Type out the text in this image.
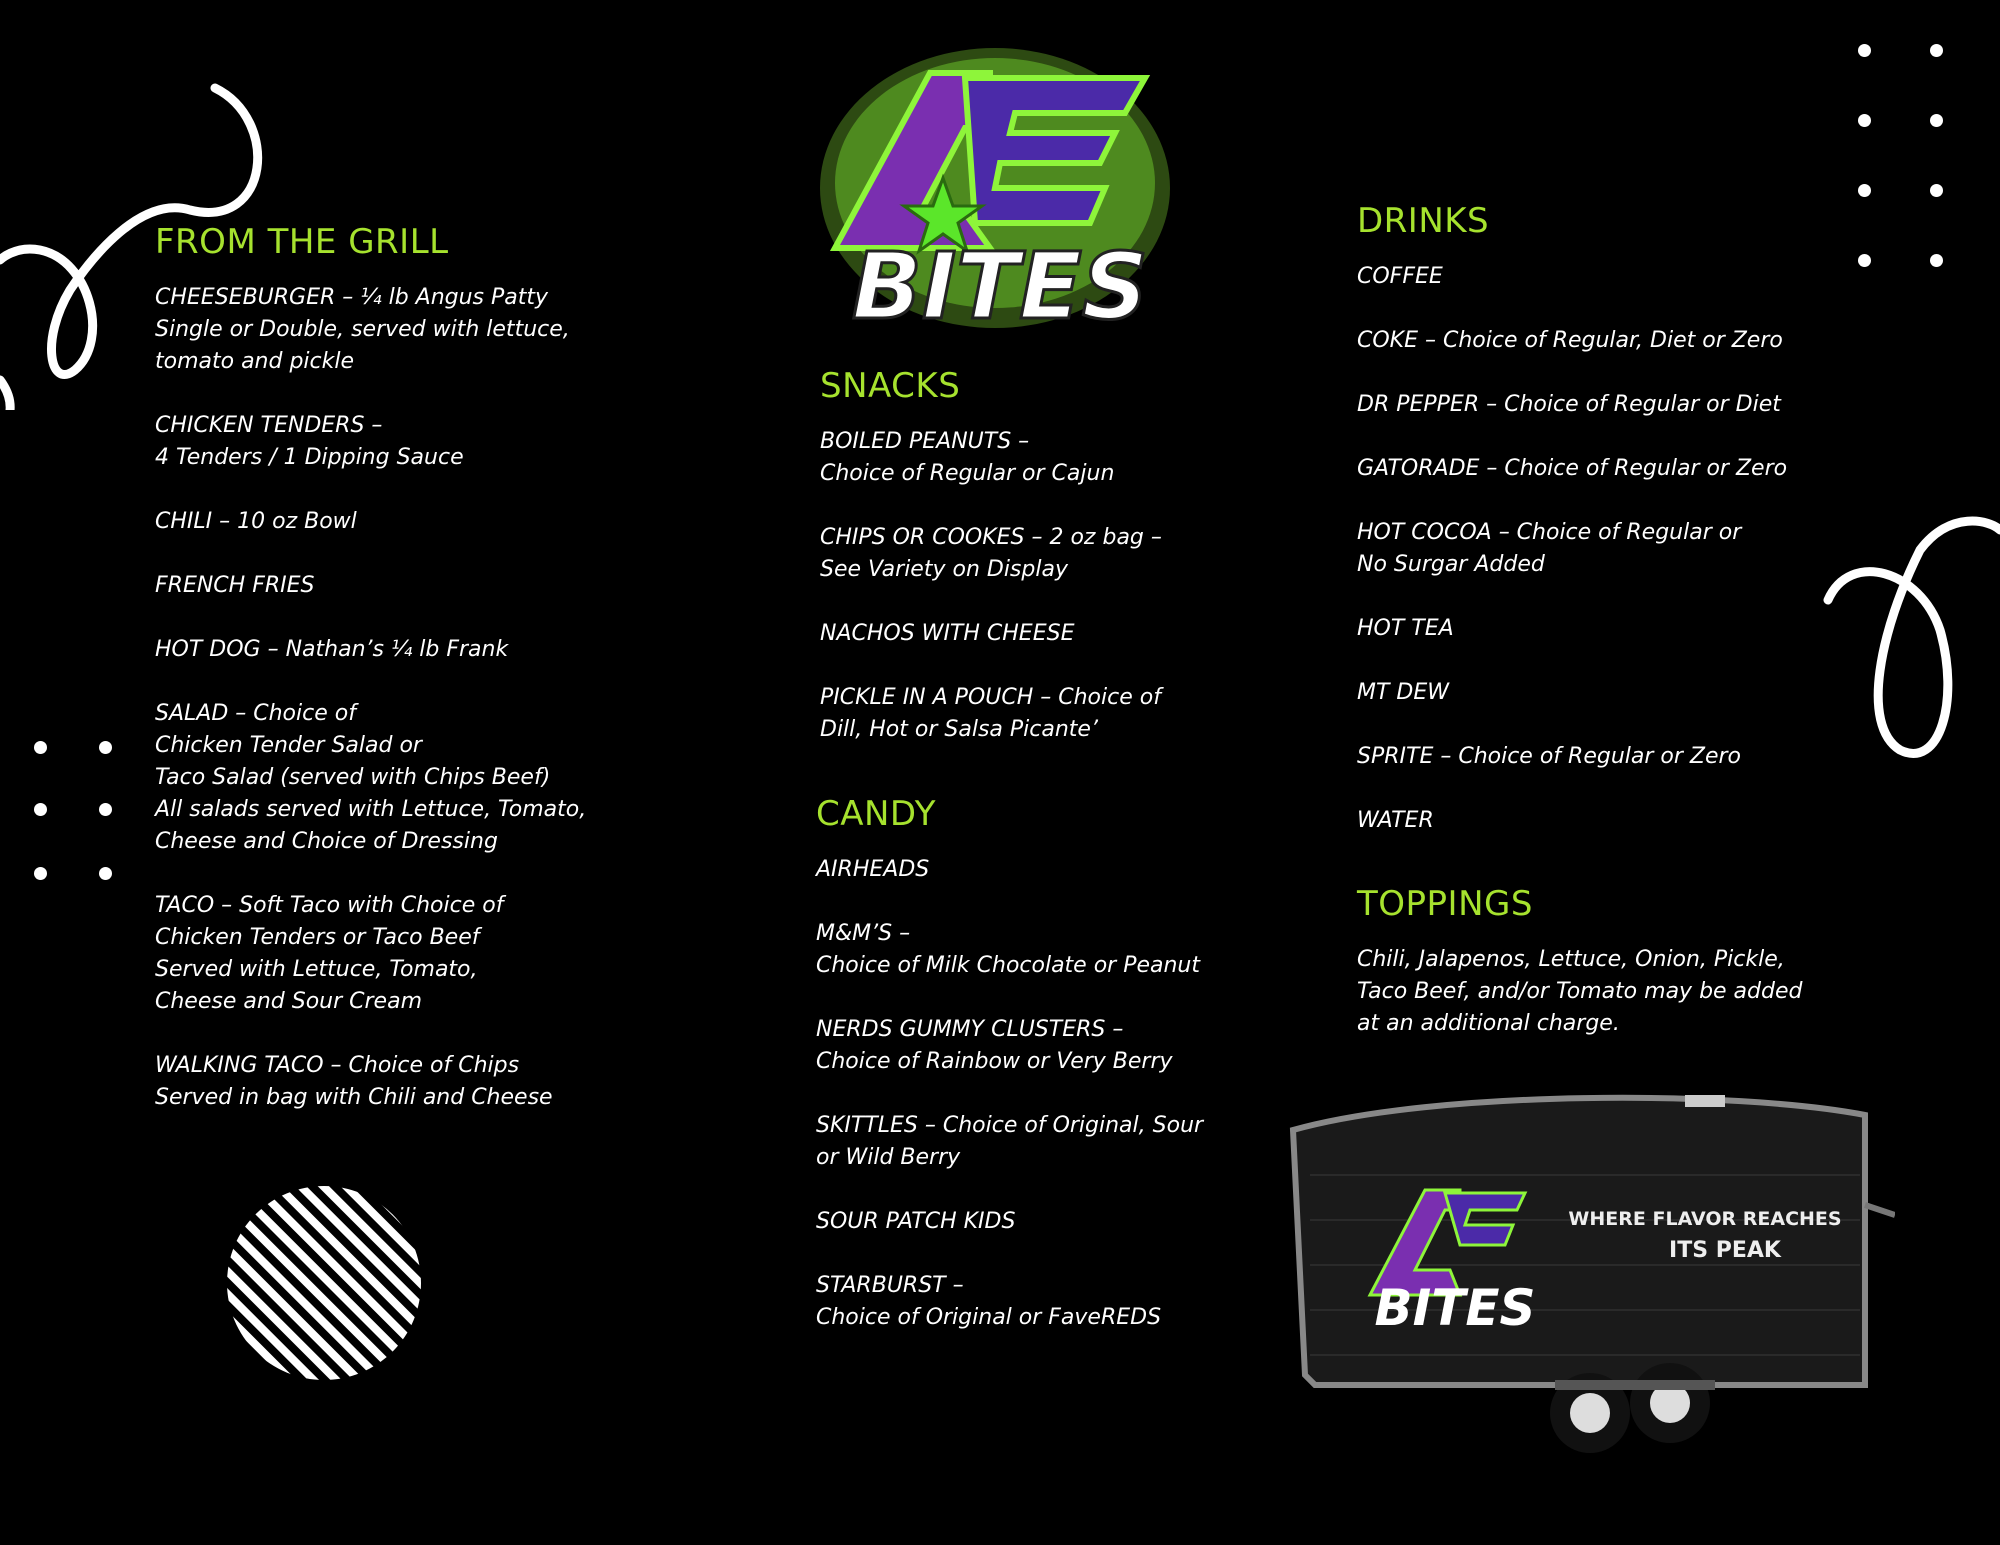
BITES
FROM THE GRILL
CHEESEBURGER – ¼ lb Angus Patty
Single or Double, served with lettuce,
tomato and pickle
CHICKEN TENDERS –
4 Tenders / 1 Dipping Sauce
CHILI – 10 oz Bowl
FRENCH FRIES
HOT DOG – Nathan’s ¼ lb Frank
SALAD – Choice of
Chicken Tender Salad or
Taco Salad (served with Chips Beef)
All salads served with Lettuce, Tomato,
Cheese and Choice of Dressing
TACO – Soft Taco with Choice of
Chicken Tenders or Taco Beef
Served with Lettuce, Tomato,
Cheese and Sour Cream
WALKING TACO – Choice of Chips
Served in bag with Chili and Cheese
SNACKS
BOILED PEANUTS –
Choice of Regular or Cajun
CHIPS OR COOKES – 2 oz bag –
See Variety on Display
NACHOS WITH CHEESE
PICKLE IN A POUCH – Choice of
Dill, Hot or Salsa Picante’
CANDY
AIRHEADS
M&M’S –
Choice of Milk Chocolate or Peanut
NERDS GUMMY CLUSTERS –
Choice of Rainbow or Very Berry
SKITTLES – Choice of Original, Sour
or Wild Berry
SOUR PATCH KIDS
STARBURST –
Choice of Original or FaveREDS
DRINKS
COFFEE
COKE – Choice of Regular, Diet or Zero
DR PEPPER – Choice of Regular or Diet
GATORADE – Choice of Regular or Zero
HOT COCOA – Choice of Regular or
No Surgar Added
HOT TEA
MT DEW
SPRITE – Choice of Regular or Zero
WATER
TOPPINGS
Chili, Jalapenos, Lettuce, Onion, Pickle,
Taco Beef, and/or Tomato may be added
at an additional charge.
BITES
WHERE FLAVOR REACHES
ITS PEAK
